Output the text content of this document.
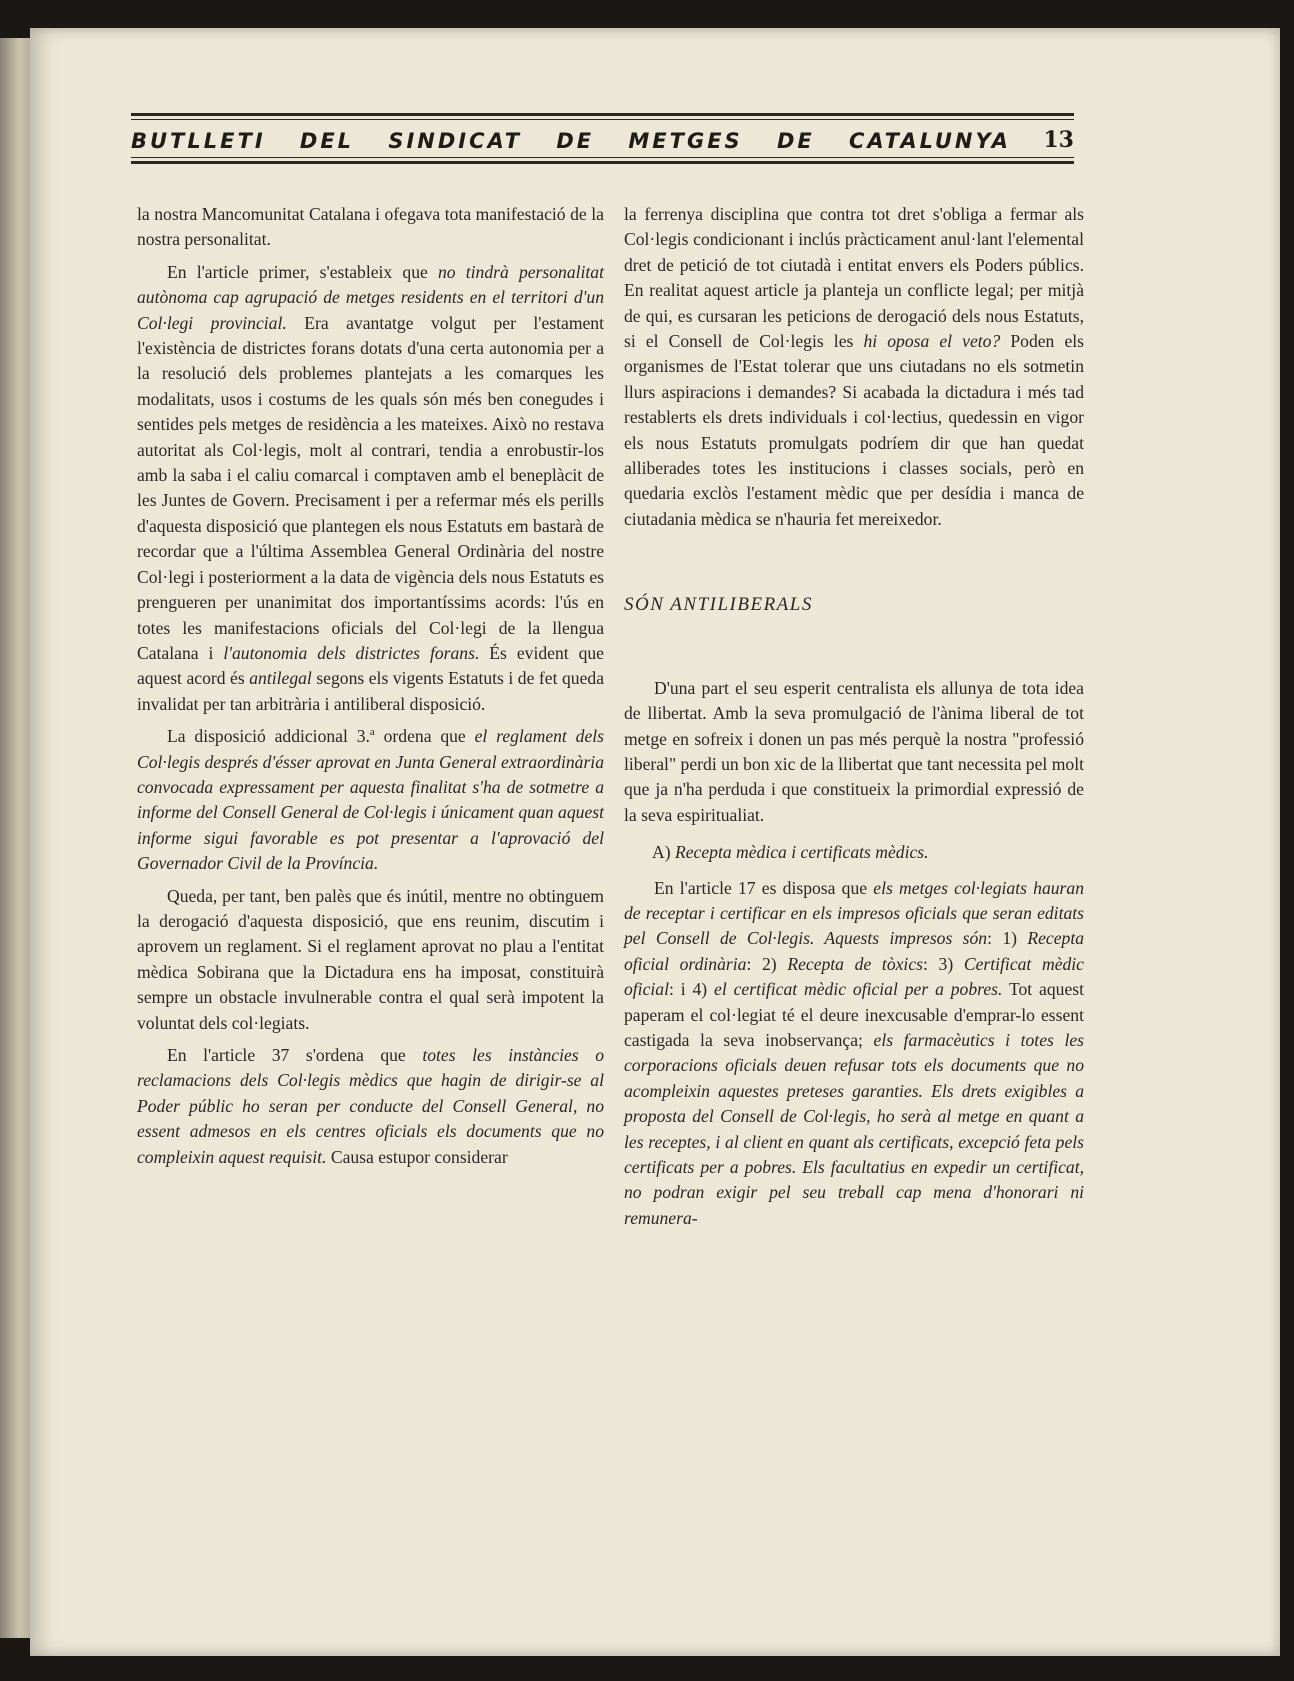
BUTLLETI DEL SINDICAT DE METGES DE CATALUNYA 13

la nostra Mancomunitat Catalana i ofegava tota manifestació de la nostra personalitat.

En l'article primer, s'estableix que no tindrà personalitat autònoma cap agrupació de metges residents en el territori d'un Col·legi provincial. Era avantatge volgut per l'estament l'existència de districtes forans dotats d'una certa autonomia per a la resolució dels problemes plantejats a les comarques les modalitats, usos i costums de les quals són més ben conegudes i sentides pels metges de residència a les mateixes. Això no restava autoritat als Col·legis, molt al contrari, tendia a enrobustir-los amb la saba i el caliu comarcal i comptaven amb el beneplàcit de les Juntes de Govern. Precisament i per a refermar més els perills d'aquesta disposició que plantegen els nous Estatuts em bastarà de recordar que a l'última Assemblea General Ordinària del nostre Col·legi i posteriorment a la data de vigència dels nous Estatuts es prengueren per unanimitat dos importantíssims acords: l'ús en totes les manifestacions oficials del Col·legi de la llengua Catalana i l'autonomia dels districtes forans. És evident que aquest acord és antilegal segons els vigents Estatuts i de fet queda invalidat per tan arbitrària i antiliberal disposició.

La disposició addicional 3.$^a$ ordena que el reglament dels Col·legis després d'ésser aprovat en Junta General extraordinària convocada expressament per aquesta finalitat s'ha de sotmetre a informe del Consell General de Col·legis i únicament quan aquest informe sigui favorable es pot presentar a l'aprovació del Governador Civil de la Província.

Queda, per tant, ben palès que és inútil, mentre no obtinguem la derogació d'aquesta disposició, que ens reunim, discutim i aprovem un reglament. Si el reglament aprovat no plau a l'entitat mèdica Sobirana que la Dictadura ens ha imposat, constituirà sempre un obstacle invulnerable contra el qual serà impotent la voluntat dels col·legiats.

En l'article 37 s'ordena que totes les instàncies o reclamacions dels Col·legis mèdics que hagin de dirigir-se al Poder públic ho seran per conducte del Consell General, no essent admesos en els centres oficials els documents que no compleixin aquest requisit. Causa estupor considerar

la ferrenya disciplina que contra tot dret s'obliga a fermar als Col·legis condicionant i inclús pràcticament anul·lant l'elemental dret de petició de tot ciutadà i entitat envers els Poders públics. En realitat aquest article ja planteja un conflicte legal; per mitjà de qui, es cursaran les peticions de derogació dels nous Estatuts, si el Consell de Col·legis les hi oposa el veto? Poden els organismes de l'Estat tolerar que uns ciutadans no els sotmetin llurs aspiracions i demandes? Si acabada la dictadura i més tad restablerts els drets individuals i col·lectius, quedessin en vigor els nous Estatuts promulgats podríem dir que han quedat alliberades totes les institucions i classes socials, però en quedaria exclòs l'estament mèdic que per desídia i manca de ciutadania mèdica se n'hauria fet mereixedor.

SÓN ANTILIBERALS

D'una part el seu esperit centralista els allunya de tota idea de llibertat. Amb la seva promulgació de l'ànima liberal de tot metge en sofreix i donen un pas més perquè la nostra "professió liberal" perdi un bon xic de la llibertat que tant necessita pel molt que ja n'ha perduda i que constitueix la primordial expressió de la seva espiritualiat.

A) Recepta mèdica i certificats mèdics.

En l'article 17 es disposa que els metges col·legiats hauran de receptar i certificar en els impresos oficials que seran editats pel Consell de Col·legis. Aquests impresos són: 1) Recepta oficial ordinària: 2) Recepta de tòxics: 3) Certificat mèdic oficial: i 4) el certificat mèdic oficial per a pobres. Tot aquest paperam el col·legiat té el deure inexcusable d'emprar-lo essent castigada la seva inobservança; els farmacèutics i totes les corporacions oficials deuen refusar tots els documents que no acompleixin aquestes preteses garanties. Els drets exigibles a proposta del Consell de Col·legis, ho serà al metge en quant a les receptes, i al client en quant als certificats, excepció feta pels certificats per a pobres. Els facultatius en expedir un certificat, no podran exigir pel seu treball cap mena d'honorari ni remunera-
